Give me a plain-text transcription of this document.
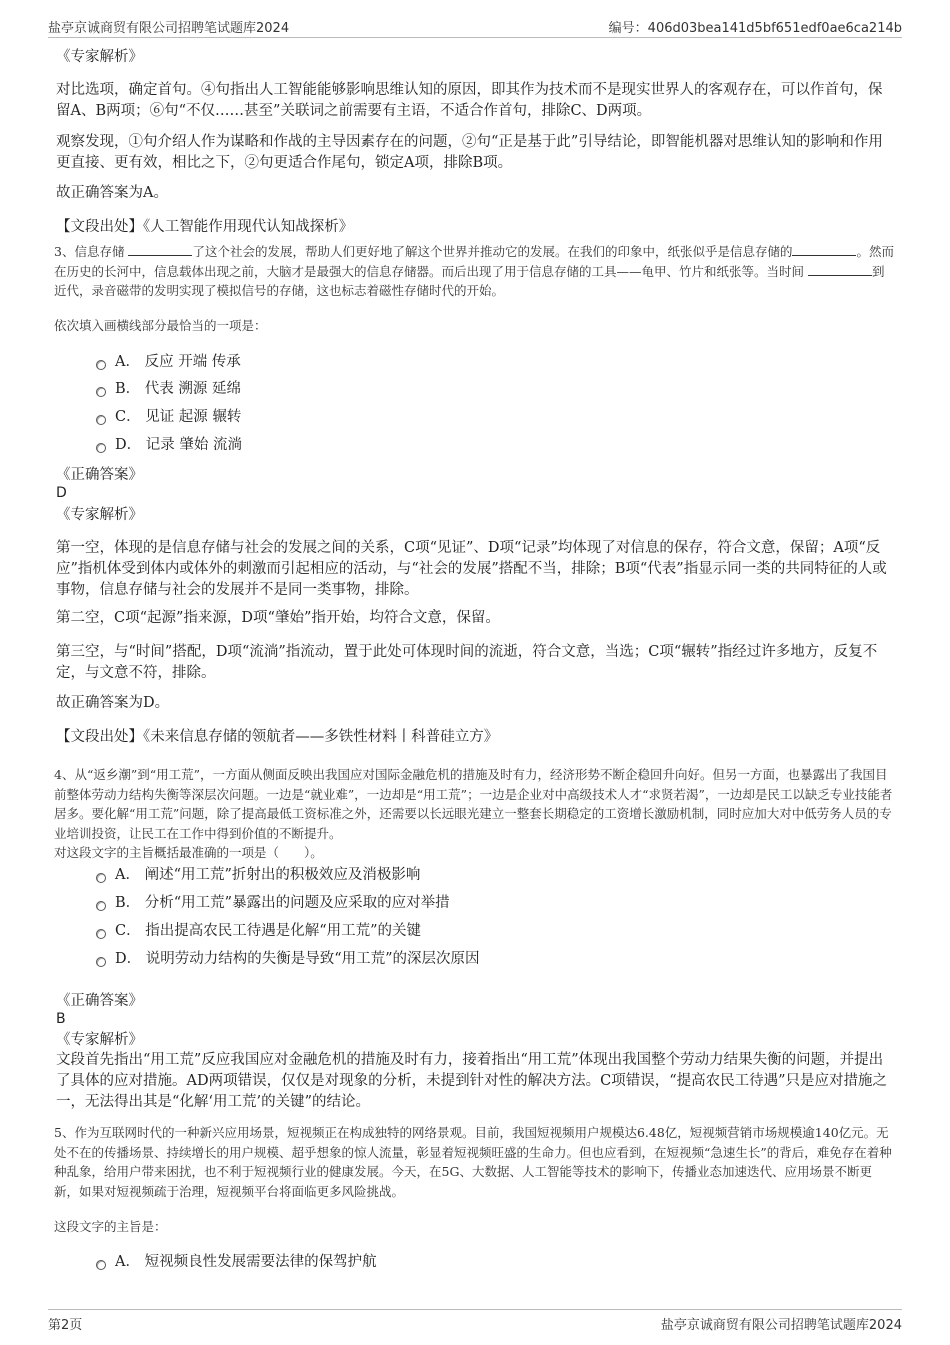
盐亭京诚商贸有限公司招聘笔试题库2024	编号：406d03bea141d5bf651edf0ae6ca214b
《专家解析》
对比选项，确定首句。④句指出人工智能能够影响思维认知的原因，即其作为技术而不是现实世界人的客观存在，可以作首句，保留A、B两项；⑥句“不仅……甚至”关联词之前需要有主语，不适合作首句，排除C、D两项。
观察发现，①句介绍人作为谋略和作战的主导因素存在的问题，②句“正是基于此”引导结论，即智能机器对思维认知的影响和作用更直接、更有效，相比之下，②句更适合作尾句，锁定A项，排除B项。
故正确答案为A。
【文段出处】《人工智能作用现代认知战探析》
3、信息存储	了这个社会的发展，帮助人们更好地了解这个世界并推动它的发展。在我们的印象中，纸张似乎是信息存储的	。然而在历史的长河中，信息载体出现之前，大脑才是最强大的信息存储器。而后出现了用于信息存储的工具——龟甲、竹片和纸张等。当时间	到近代，录音磁带的发明实现了模拟信号的存储，这也标志着磁性存储时代的开始。
依次填入画横线部分最恰当的一项是：
A． 反应 开端 传承
B． 代表 溯源 延绵
C． 见证 起源 辗转
D． 记录 肇始 流淌
《正确答案》
D
《专家解析》
第一空，体现的是信息存储与社会的发展之间的关系，C项“见证”、D项“记录”均体现了对信息的保存，符合文意，保留；A项“反应”指机体受到体内或体外的刺激而引起相应的活动，与“社会的发展”搭配不当，排除；B项“代表”指显示同一类的共同特征的人或事物，信息存储与社会的发展并不是同一类事物，排除。
第二空，C项“起源”指来源，D项“肇始”指开始，均符合文意，保留。
第三空，与“时间”搭配，D项“流淌”指流动，置于此处可体现时间的流逝，符合文意，当选；C项“辗转”指经过许多地方，反复不定，与文意不符，排除。
故正确答案为D。
【文段出处】《未来信息存储的领航者——多铁性材料丨科普硅立方》
4、从“返乡潮”到“用工荒”，一方面从侧面反映出我国应对国际金融危机的措施及时有力，经济形势不断企稳回升向好。但另一方面，也暴露出了我国目前整体劳动力结构失衡等深层次问题。一边是“就业难”，一边却是“用工荒”；一边是企业对中高级技术人才“求贤若渴”，一边却是民工以缺乏专业技能者居多。要化解“用工荒”问题，除了提高最低工资标准之外，还需要以长远眼光建立一整套长期稳定的工资增长激励机制，同时应加大对中低劳务人员的专业培训投资，让民工在工作中得到价值的不断提升。
对这段文字的主旨概括最准确的一项是（　　）。
A． 阐述“用工荒”折射出的积极效应及消极影响
B． 分析“用工荒”暴露出的问题及应采取的应对举措
C． 指出提高农民工待遇是化解“用工荒”的关键
D． 说明劳动力结构的失衡是导致“用工荒”的深层次原因
《正确答案》
B
《专家解析》
文段首先指出“用工荒”反应我国应对金融危机的措施及时有力，接着指出“用工荒”体现出我国整个劳动力结果失衡的问题，并提出了具体的应对措施。AD两项错误，仅仅是对现象的分析，未提到针对性的解决方法。C项错误，“提高农民工待遇”只是应对措施之一，无法得出其是“化解‘用工荒’的关键”的结论。
5、作为互联网时代的一种新兴应用场景，短视频正在构成独特的网络景观。目前，我国短视频用户规模达6.48亿，短视频营销市场规模逾140亿元。无处不在的传播场景、持续增长的用户规模、超乎想象的惊人流量，彰显着短视频旺盛的生命力。但也应看到，在短视频“急速生长”的背后，难免存在着种种乱象，给用户带来困扰，也不利于短视频行业的健康发展。今天，在5G、大数据、人工智能等技术的影响下，传播业态加速迭代、应用场景不断更新，如果对短视频疏于治理，短视频平台将面临更多风险挑战。
这段文字的主旨是：
A． 短视频良性发展需要法律的保驾护航
第2页	盐亭京诚商贸有限公司招聘笔试题库2024
